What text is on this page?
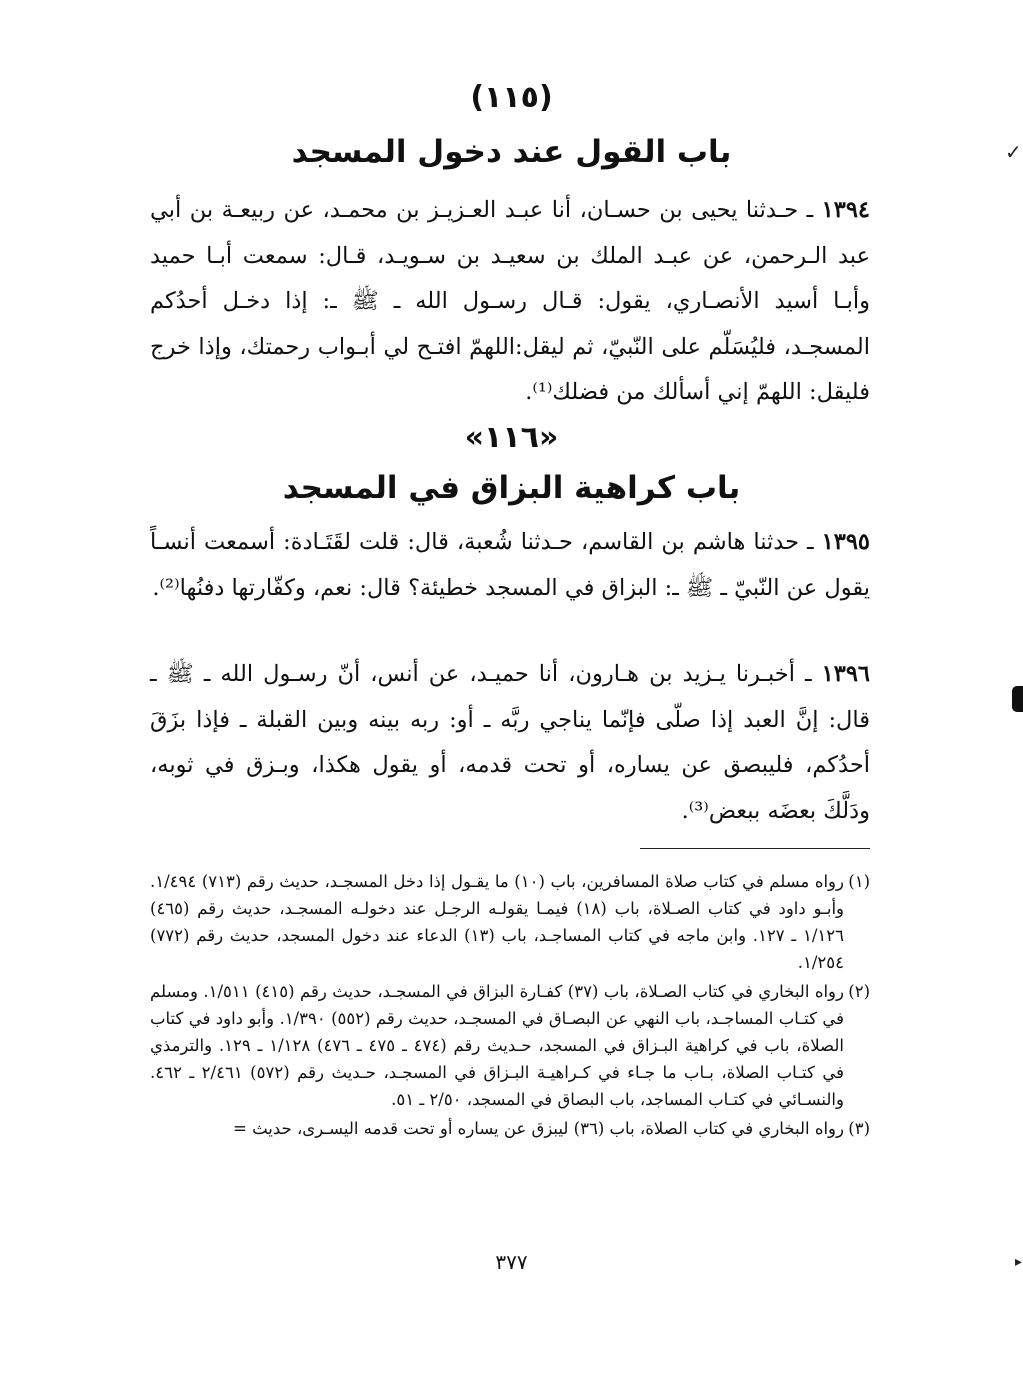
(١١٥)
باب القول عند دخول المسجد

١٣٩٤ ـ حـدثنا يحيى بن حسـان، أنا عبـد العـزيـز بن محمـد، عن ربيعـة بن أبي عبد الـرحمن، عن عبـد الملك بن سعيـد بن سـويـد، قـال: سمعت أبـا حميد وأبـا أسيد الأنصـاري، يقول: قـال رسـول الله ـ ﷺ ـ: إذا دخـل أحدُكم المسجـد، فليُسَلّم على النّبيّ، ثم ليقل:اللهمّ افتـح لي أبـواب رحمتك، وإذا خرج فليقل: اللهمّ إني أسألك من فضلك⁽¹⁾.

«١١٦»
باب كراهية البزاق في المسجد

١٣٩٥ ـ حدثنا هاشم بن القاسم، حـدثنا شُعبة، قال: قلت لقَتَـادة: أسمعت أنسـاً يقول عن النّبيّ ـ ﷺ ـ: البزاق في المسجد خطيئة؟ قال: نعم، وكفّارتها دفنُها⁽²⁾.

١٣٩٦ ـ أخبـرنا يـزيد بن هـارون، أنا حميـد، عن أنس، أنّ رسـول الله ـ ﷺ ـ قال: إنَّ العبد إذا صلّى فإنّما يناجي ربَّه ـ أو: ربه بينه وبين القبلة ـ فإذا بزَقَ أحدُكم، فليبصق عن يساره، أو تحت قدمه، أو يقول هكذا، وبـزق في ثوبه، ودَلَّكَ بعضَه ببعض⁽³⁾.

(١)
رواه مسلم في كتاب صلاة المسافرين، باب (١٠) ما يقـول إذا دخل المسجـد، حديث رقم (٧١٣) ١/٤٩٤. وأبـو داود في كتاب الصـلاة، باب (١٨) فيمـا يقولـه الرجـل عند دخولـه المسجـد، حديث رقم (٤٦٥) ١/١٢٦ ـ ١٢٧. وابن ماجه في كتاب المساجـد، باب (١٣) الدعاء عند دخول المسجد، حديث رقم (٧٧٢) ١/٢٥٤.

(٢)
رواه البخاري في كتاب الصـلاة، باب (٣٧) كفـارة البزاق في المسجـد، حديث رقم (٤١٥) ١/٥١١. ومسلم في كتـاب المساجـد، باب النهي عن البصـاق في المسجـد، حديث رقم (٥٥٢) ١/٣٩٠. وأبو داود في كتاب الصلاة، باب في كراهية البـزاق في المسجد، حـديث رقم (٤٧٤ ـ ٤٧٥ ـ ٤٧٦) ١/١٢٨ ـ ١٢٩. والترمذي في كتـاب الصلاة، بـاب ما جـاء في كـراهيـة البـزاق في المسجـد، حـديث رقم (٥٧٢) ٢/٤٦١ ـ ٤٦٢. والنسـائي في كتـاب المساجد، باب البصاق في المسجد، ٢/٥٠ ـ ٥١.

(٣)
رواه البخاري في كتاب الصلاة، باب (٣٦) ليبزق عن يساره أو تحت قدمه اليسـرى، حديث =

٣٧٧
✓
▸
